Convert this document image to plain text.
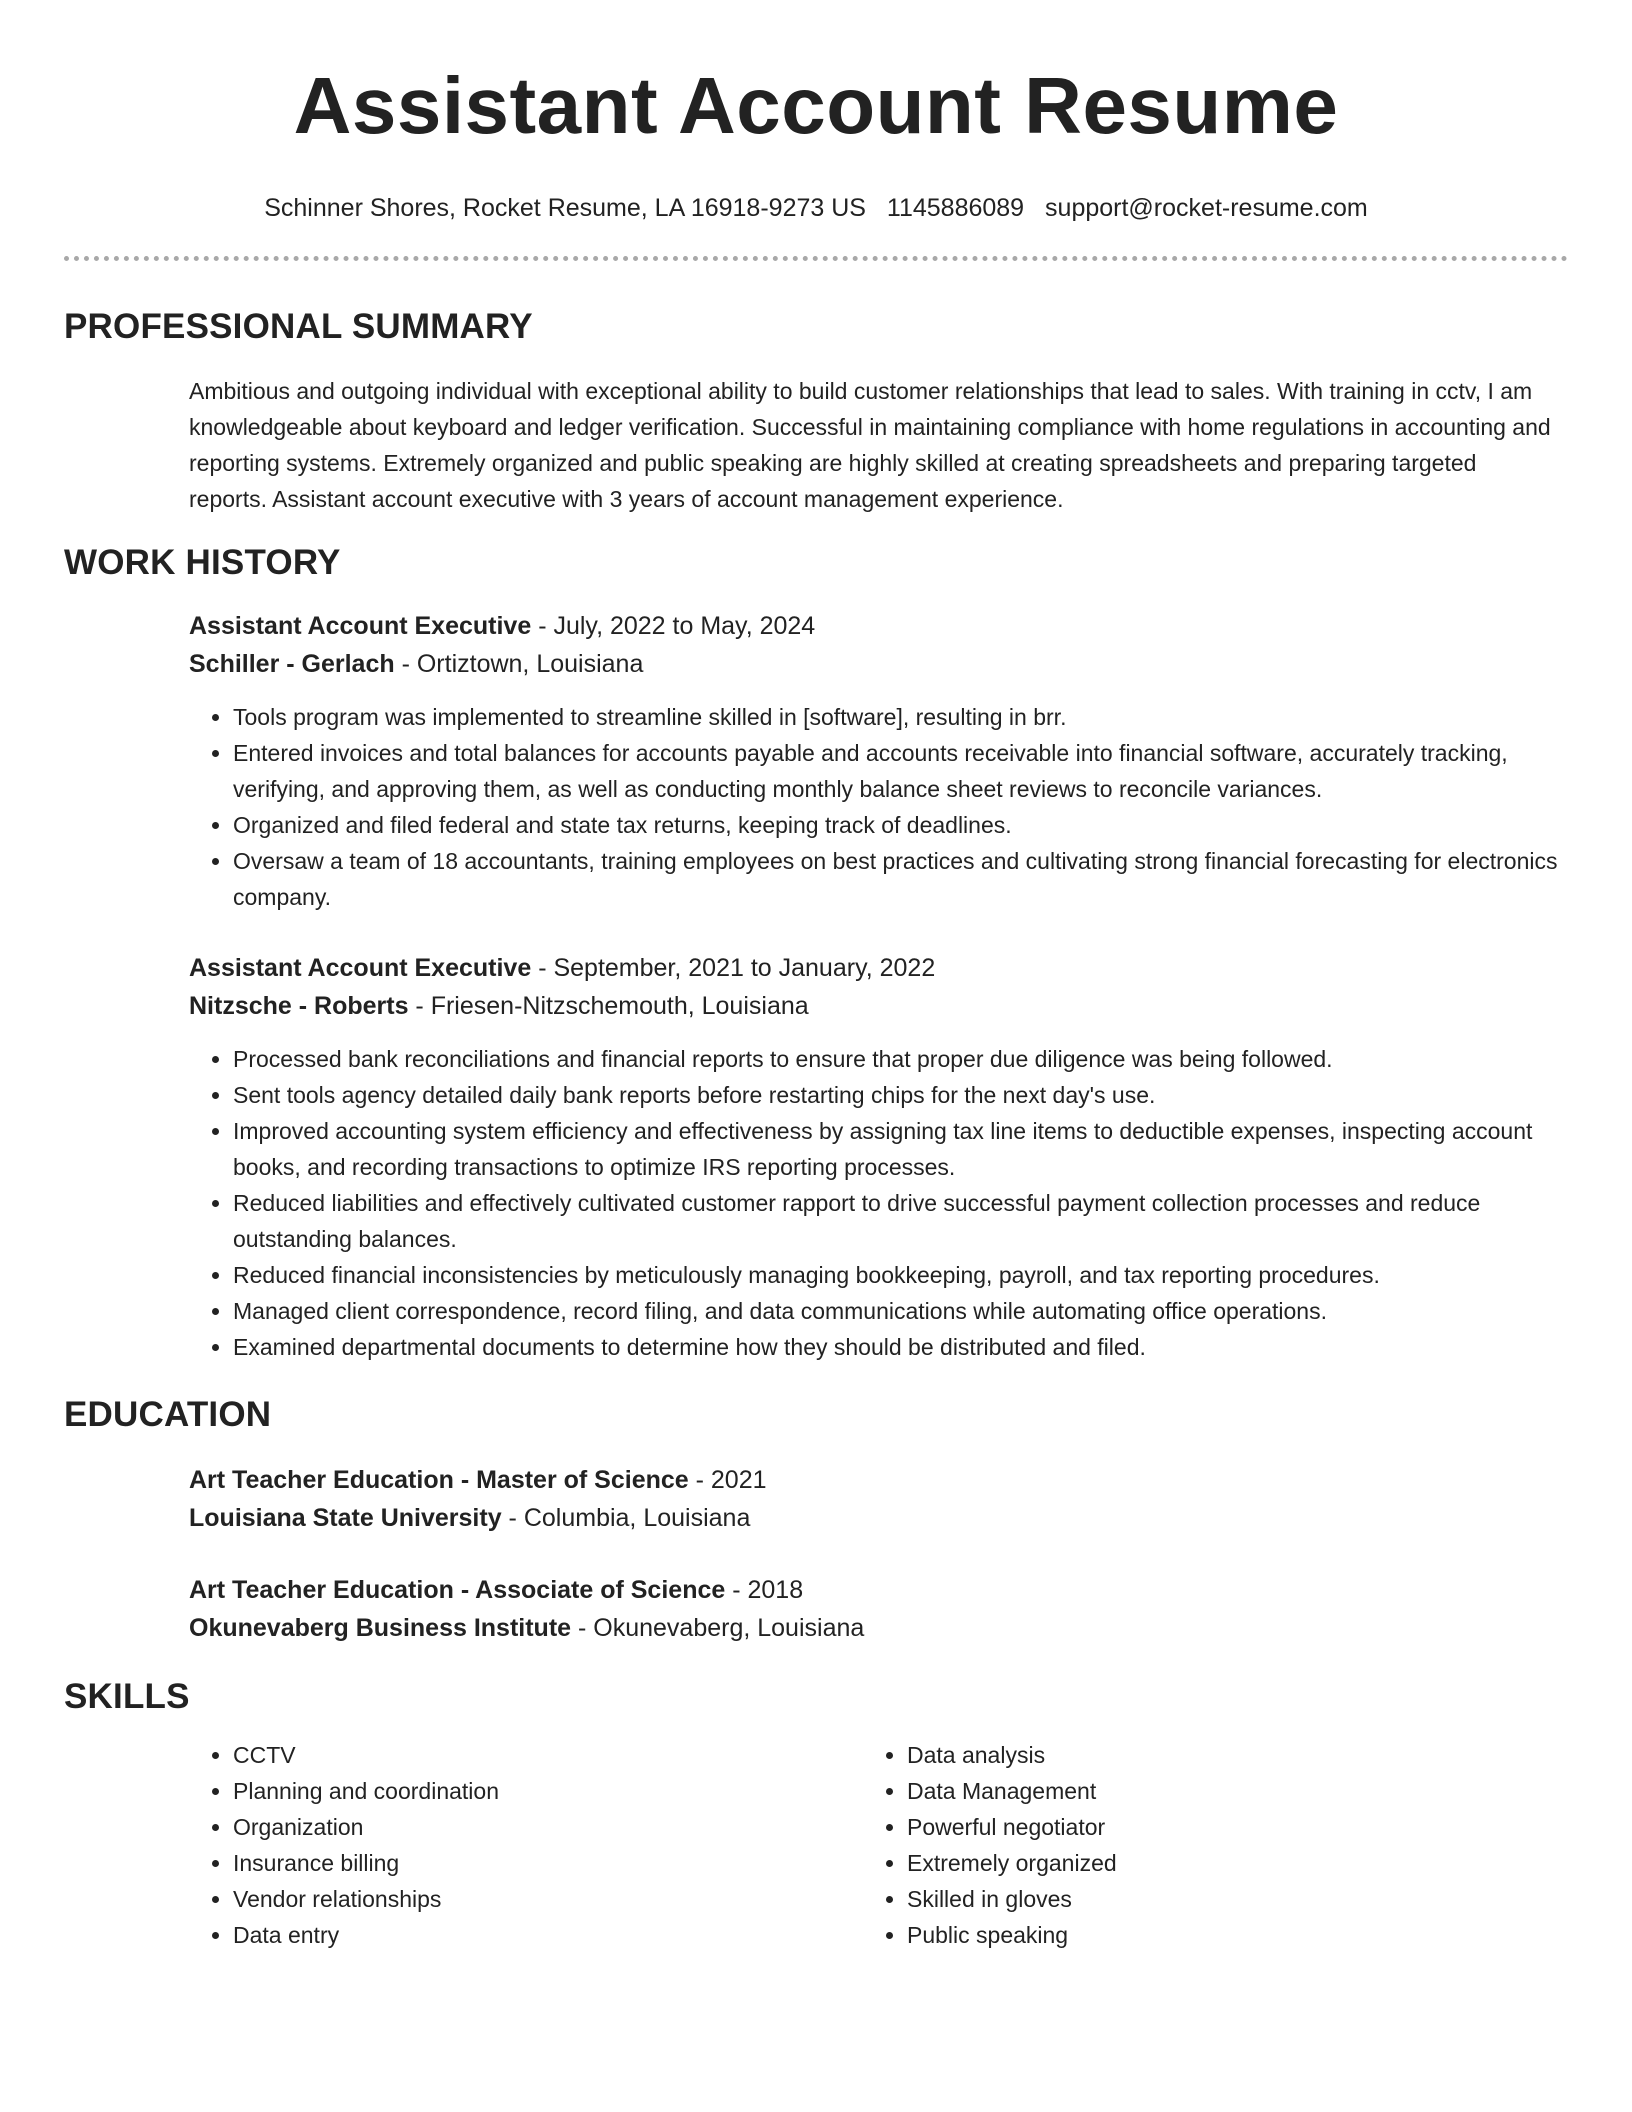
Assistant Account Resume
Schinner Shores, Rocket Resume, LA 16918-9273 US 1145886089 support@rocket-resume.com
PROFESSIONAL SUMMARY

Ambitious and outgoing individual with exceptional ability to build customer relationships that lead to sales. With training in cctv, I am knowledgeable about keyboard and ledger verification. Successful in maintaining compliance with home regulations in accounting and reporting systems. Extremely organized and public speaking are highly skilled at creating spreadsheets and preparing targeted reports. Assistant account executive with 3 years of account management experience.

WORK HISTORY
Assistant Account Executive - July, 2022 to May, 2024
Schiller - Gerlach - Ortiztown, Louisiana
• Tools program was implemented to streamline skilled in [software], resulting in brr.
• Entered invoices and total balances for accounts payable and accounts receivable into financial software, accurately tracking, verifying, and approving them, as well as conducting monthly balance sheet reviews to reconcile variances.
• Organized and filed federal and state tax returns, keeping track of deadlines.
• Oversaw a team of 18 accountants, training employees on best practices and cultivating strong financial forecasting for electronics company.
Assistant Account Executive - September, 2021 to January, 2022
Nitzsche - Roberts - Friesen-Nitzschemouth, Louisiana
• Processed bank reconciliations and financial reports to ensure that proper due diligence was being followed.
• Sent tools agency detailed daily bank reports before restarting chips for the next day's use.
• Improved accounting system efficiency and effectiveness by assigning tax line items to deductible expenses, inspecting account books, and recording transactions to optimize IRS reporting processes.
• Reduced liabilities and effectively cultivated customer rapport to drive successful payment collection processes and reduce outstanding balances.
• Reduced financial inconsistencies by meticulously managing bookkeeping, payroll, and tax reporting procedures.
• Managed client correspondence, record filing, and data communications while automating office operations.
• Examined departmental documents to determine how they should be distributed and filed.
EDUCATION
Art Teacher Education - Master of Science - 2021
Louisiana State University - Columbia, Louisiana
Art Teacher Education - Associate of Science - 2018
Okunevaberg Business Institute - Okunevaberg, Louisiana
SKILLS
• CCTV
• Planning and coordination
• Organization
• Insurance billing
• Vendor relationships
• Data entry
• Data analysis
• Data Management
• Powerful negotiator
• Extremely organized
• Skilled in gloves
• Public speaking
